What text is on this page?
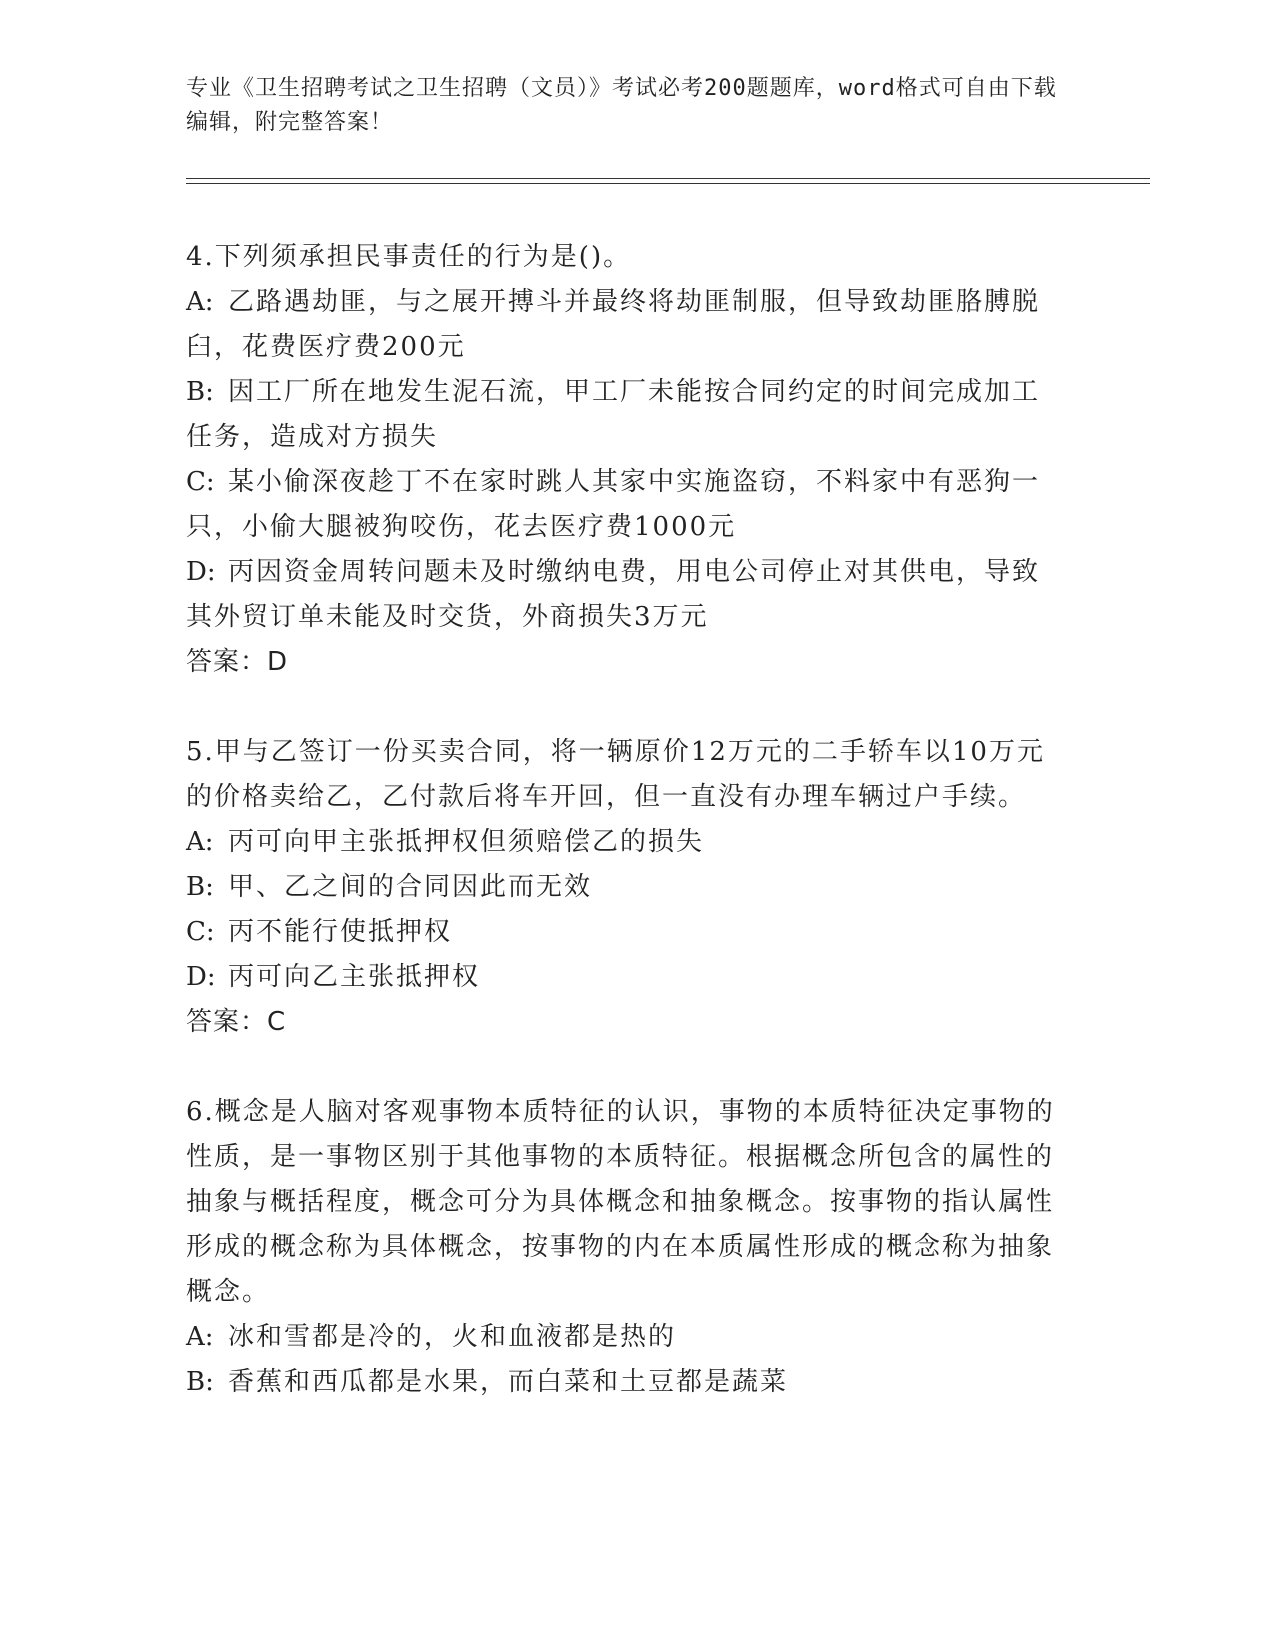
专业《卫生招聘考试之卫生招聘（文员）》考试必考200题题库，word格式可自由下载编辑，附完整答案！

4.下列须承担民事责任的行为是()。

A: 乙路遇劫匪，与之展开搏斗并最终将劫匪制服，但导致劫匪胳膊脱臼，花费医疗费200元

B: 因工厂所在地发生泥石流，甲工厂未能按合同约定的时间完成加工任务，造成对方损失

C: 某小偷深夜趁丁不在家时跳人其家中实施盗窃，不料家中有恶狗一只，小偷大腿被狗咬伤，花去医疗费1000元

D: 丙因资金周转问题未及时缴纳电费，用电公司停止对其供电，导致其外贸订单未能及时交货，外商损失3万元

答案：D

5.甲与乙签订一份买卖合同，将一辆原价12万元的二手轿车以10万元的价格卖给乙，乙付款后将车开回，但一直没有办理车辆过户手续。

A: 丙可向甲主张抵押权但须赔偿乙的损失

B: 甲、乙之间的合同因此而无效

C: 丙不能行使抵押权

D: 丙可向乙主张抵押权

答案：C

6.概念是人脑对客观事物本质特征的认识，事物的本质特征决定事物的性质，是一事物区别于其他事物的本质特征。根据概念所包含的属性的抽象与概括程度，概念可分为具体概念和抽象概念。按事物的指认属性形成的概念称为具体概念，按事物的内在本质属性形成的概念称为抽象概念。

A: 冰和雪都是冷的，火和血液都是热的

B: 香蕉和西瓜都是水果，而白菜和土豆都是蔬菜
